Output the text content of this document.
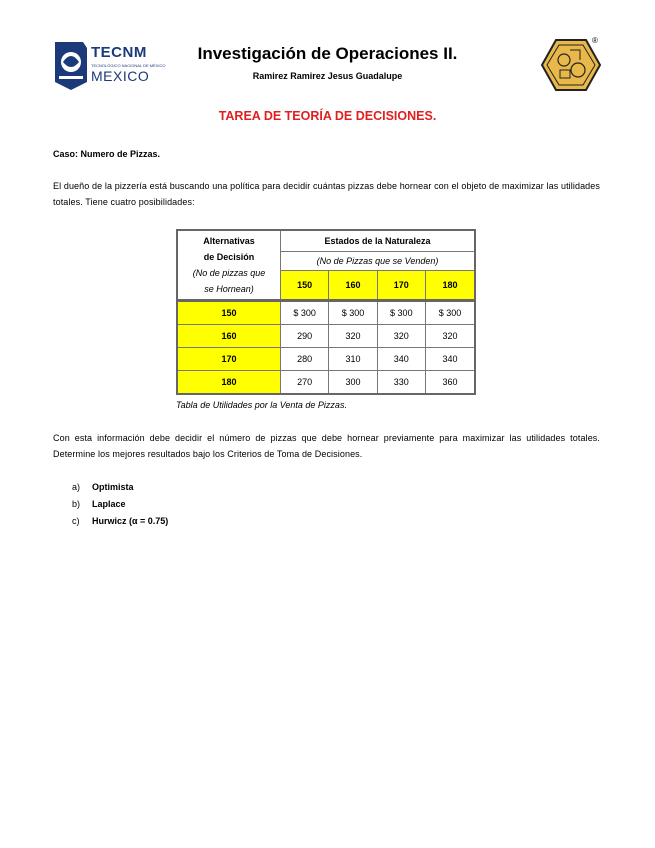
TECNM
TECNOLÓGICO NACIONAL DE MÉXICO
MEXICO
®
Investigación de Operaciones II.
Ramirez Ramirez Jesus Guadalupe
TAREA DE TEORÍA DE DECISIONES.
Caso: Numero de Pizzas.
El dueño de la pizzería está buscando una política para decidir cuántas pizzas debe hornear con el objeto de maximizar las utilidades totales. Tiene cuatro posibilidades:
Alternativas
de Decisión
(No de pizzas que
se Hornean)	Estados de la Naturaleza			
	(No de Pizzas que se Venden)			
	150	160	170	180
150	$ 300	$ 300	$ 300	$ 300
160	290	320	320	320
170	280	310	340	340
180	270	300	330	360
Tabla de Utilidades por la Venta de Pizzas.
Con esta información debe decidir el número de pizzas que debe hornear previamente para maximizar las utilidades totales. Determine los mejores resultados bajo los Criterios de Toma de Decisiones.
a) Optimista
b) Laplace
c) Hurwicz (α = 0.75)
